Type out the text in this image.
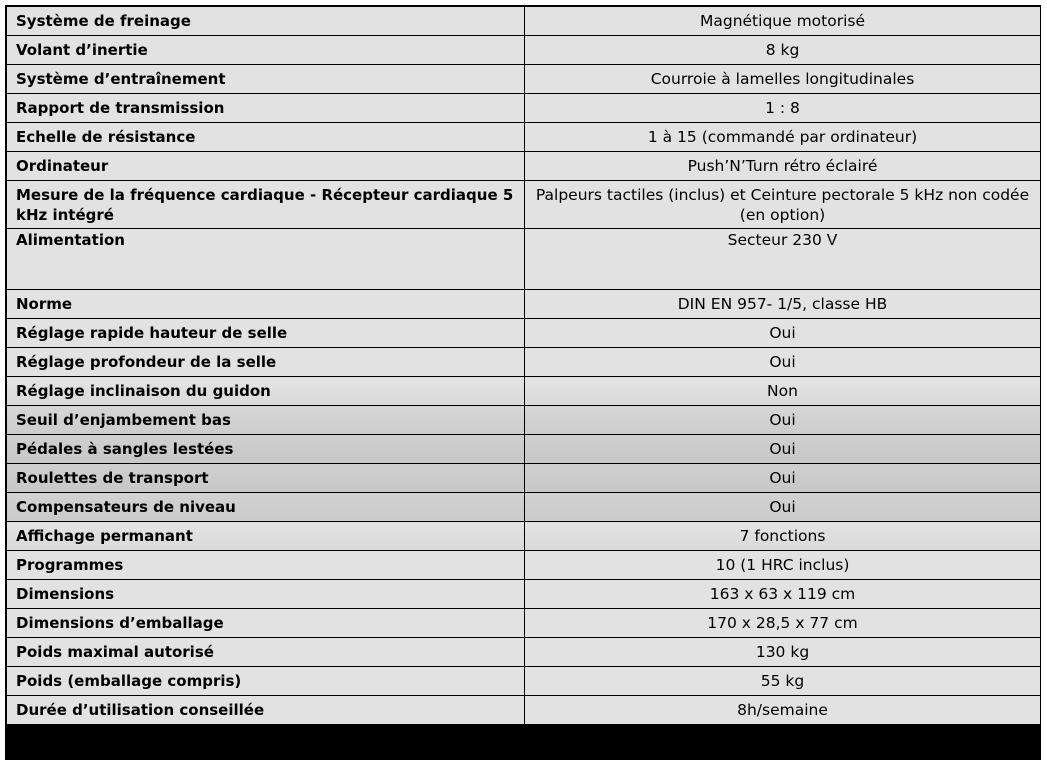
Système de freinage	Magnétique motorisé
Volant d’inertie	8 kg
Système d’entraînement	Courroie à lamelles longitudinales
Rapport de transmission	1 : 8
Echelle de résistance	1 à 15 (commandé par ordinateur)
Ordinateur	Push’N’Turn rétro éclairé
Mesure de la fréquence cardiaque - Récepteur cardiaque 5 kHz intégré	Palpeurs tactiles (inclus) et Ceinture pectorale 5 kHz non codée (en option)
Alimentation	Secteur 230 V
Norme	DIN EN 957- 1/5, classe HB
Réglage rapide hauteur de selle	Oui
Réglage profondeur de la selle	Oui
Réglage inclinaison du guidon	Non
Seuil d’enjambement bas	Oui
Pédales à sangles lestées	Oui
Roulettes de transport	Oui
Compensateurs de niveau	Oui
Affichage permanant	7 fonctions
Programmes	10 (1 HRC inclus)
Dimensions	163 x 63 x 119 cm
Dimensions d’emballage	170 x 28,5 x 77 cm
Poids maximal autorisé	130 kg
Poids (emballage compris)	55 kg
Durée d’utilisation conseillée	8h/semaine
